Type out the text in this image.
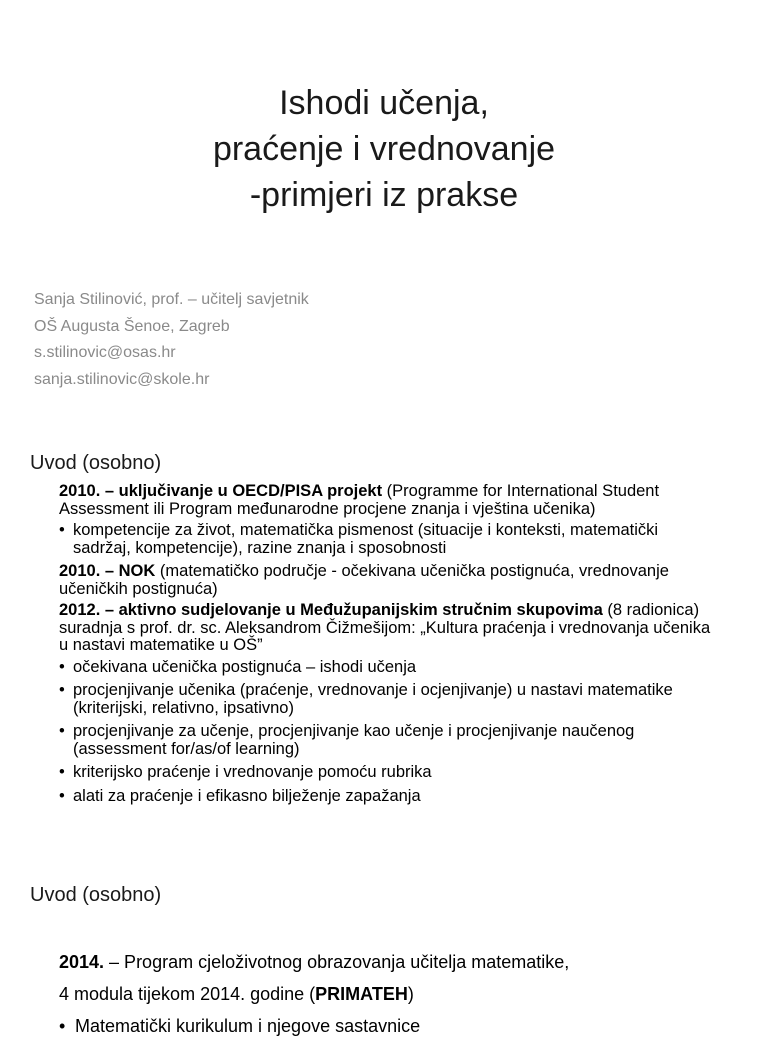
Ishodi učenja,
praćenje i vrednovanje
-primjeri iz prakse
Sanja Stilinović, prof. – učitelj savjetnik
OŠ Augusta Šenoe, Zagreb
s.stilinovic@osas.hr
sanja.stilinovic@skole.hr
Uvod (osobno)
2010. – uključivanje u OECD/PISA projekt (Programme for International Student Assessment ili Program međunarodne procjene znanja i vještina učenika)
• kompetencije za život, matematička pismenost (situacije i konteksti, matematički sadržaj, kompetencije), razine znanja i sposobnosti
2010. – NOK (matematičko područje - očekivana učenička postignuća, vrednovanje učeničkih postignuća)
2012. – aktivno sudjelovanje u Međužupanijskim stručnim skupovima (8 radionica) suradnja s prof. dr. sc. Aleksandrom Čižmešijom: „Kultura praćenja i vrednovanja učenika u nastavi matematike u OŠ”
• očekivana učenička postignuća – ishodi učenja
• procjenjivanje učenika (praćenje, vrednovanje i ocjenjivanje) u nastavi matematike (kriterijski, relativno, ipsativno)
• procjenjivanje za učenje, procjenjivanje kao učenje i procjenjivanje naučenog (assessment for/as/of learning)
• kriterijsko praćenje i vrednovanje pomoću rubrika
• alati za praćenje i efikasno bilježenje zapažanja
Uvod (osobno)
2014. – Program cjeloživotnog obrazovanja učitelja matematike,
4 modula tijekom 2014. godine (PRIMATEH)
• Matematički kurikulum i njegove sastavnice
